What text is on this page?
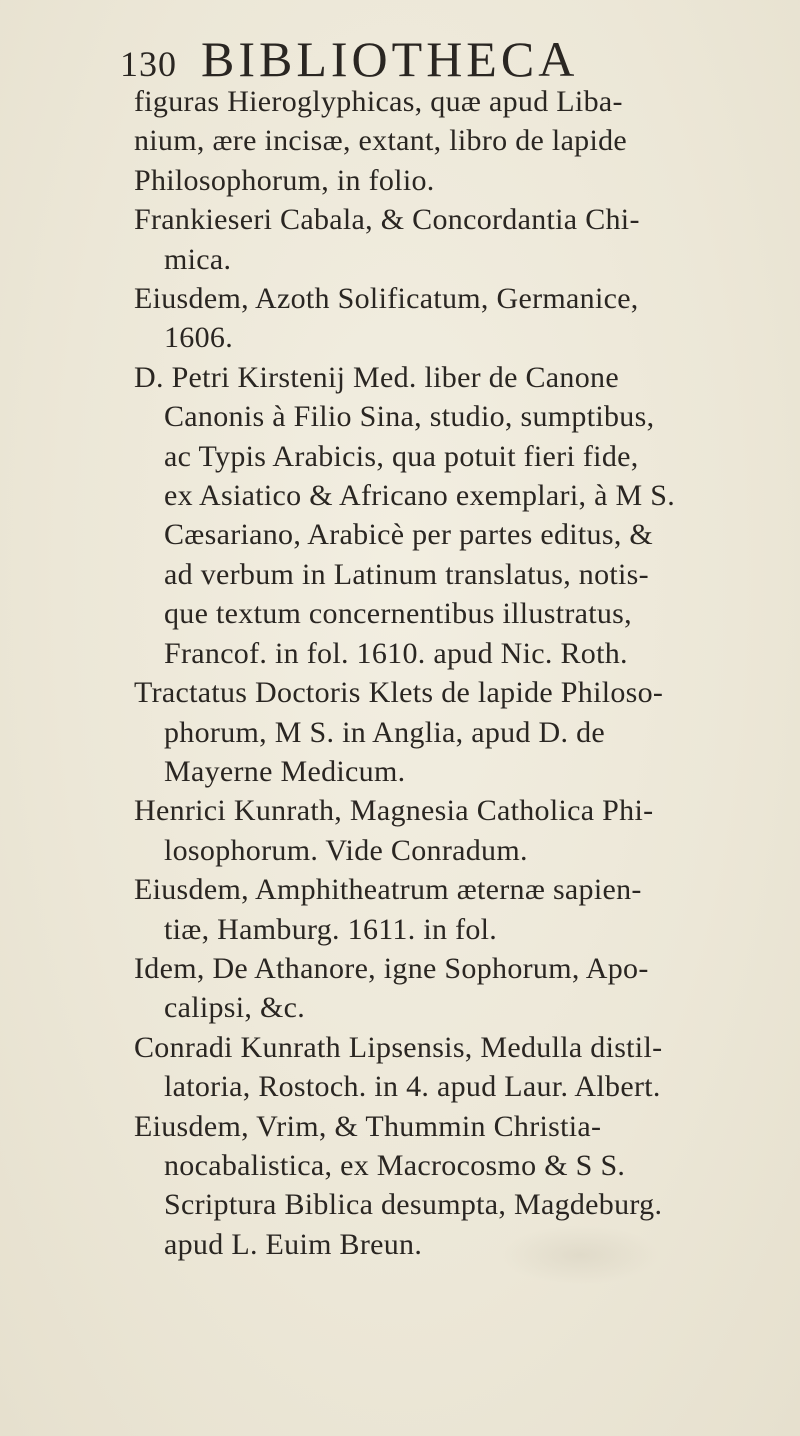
130 BIBLIOTHECA

figuras Hieroglyphicas, quæ apud Liba-
nium, ære incisæ, extant, libro de lapide
Philosophorum, in folio.

Frankieseri Cabala, & Concordantia Chi-
mica.

Eiusdem, Azoth Solificatum, Germanice,
1606.

D. Petri Kirstenij Med. liber de Canone
Canonis à Filio Sina, studio, sumptibus,
ac Typis Arabicis, qua potuit fieri fide,
ex Asiatico & Africano exemplari, à M S.
Cæsariano, Arabicè per partes editus, &
ad verbum in Latinum translatus, notis-
que textum concernentibus illustratus,
Francof. in fol. 1610. apud Nic. Roth.

Tractatus Doctoris Klets de lapide Philoso-
phorum, M S. in Anglia, apud D. de
Mayerne Medicum.

Henrici Kunrath, Magnesia Catholica Phi-
losophorum. Vide Conradum.

Eiusdem, Amphitheatrum æternæ sapien-
tiæ, Hamburg. 1611. in fol.

Idem, De Athanore, igne Sophorum, Apo-
calipsi, &c.

Conradi Kunrath Lipsensis, Medulla distil-
latoria, Rostoch. in 4. apud Laur. Albert.

Eiusdem, Vrim, & Thummin Christia-
nocabalistica, ex Macrocosmo & S S.
Scriptura Biblica desumpta, Magdeburg.
apud L. Euim Breun.
